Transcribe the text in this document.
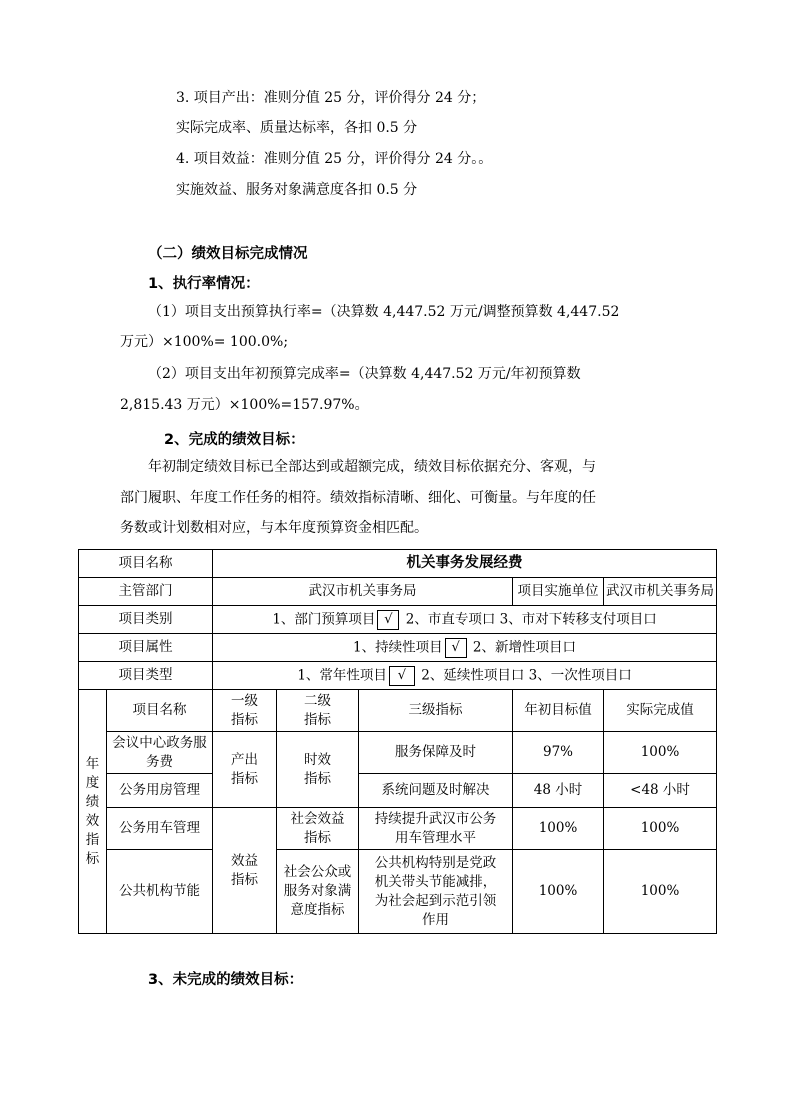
3. 项目产出：准则分值 25 分，评价得分 24 分；
实际完成率、质量达标率，各扣 0.5 分
4. 项目效益：准则分值 25 分，评价得分 24 分。。
实施效益、服务对象满意度各扣 0.5 分
（二）绩效目标完成情况
1、执行率情况：
（1）项目支出预算执行率=（决算数 4,447.52 万元/调整预算数 4,447.52
万元）×100%= 100.0%;
（2）项目支出年初预算完成率=（决算数 4,447.52 万元/年初预算数
2,815.43 万元）×100%=157.97%。
2、完成的绩效目标：
年初制定绩效目标已全部达到或超额完成，绩效目标依据充分、客观，与
部门履职、年度工作任务的相符。绩效指标清晰、细化、可衡量。与年度的任
务数或计划数相对应，与本年度预算资金相匹配。
项目名称		机关事务发展经费				
主管部门		武汉市机关事务局			项目实施单位	武汉市机关事务局
项目类别		1、部门预算项目 √ 2、市直专项口 3、市对下转移支付项目口				
项目属性		1、持续性项目 √ 2、新增性项目口				
项目类型		1、常年性项目 √ 2、延续性项目口 3、一次性项目口				
年度绩效指标	项目名称	一级指标	二级指标	三级指标	年初目标值	实际完成值
	会议中心政务服务费	产出指标	时效指标	服务保障及时	97%	100%
	公务用房管理			系统问题及时解决	48 小时	<48 小时
	公务用车管理	效益指标	社会效益指标	持续提升武汉市公务用车管理水平	100%	100%
	公共机构节能		社会公众或服务对象满意度指标	公共机构特别是党政机关带头节能减排，为社会起到示范引领作用	100%	100%
3、未完成的绩效目标：
